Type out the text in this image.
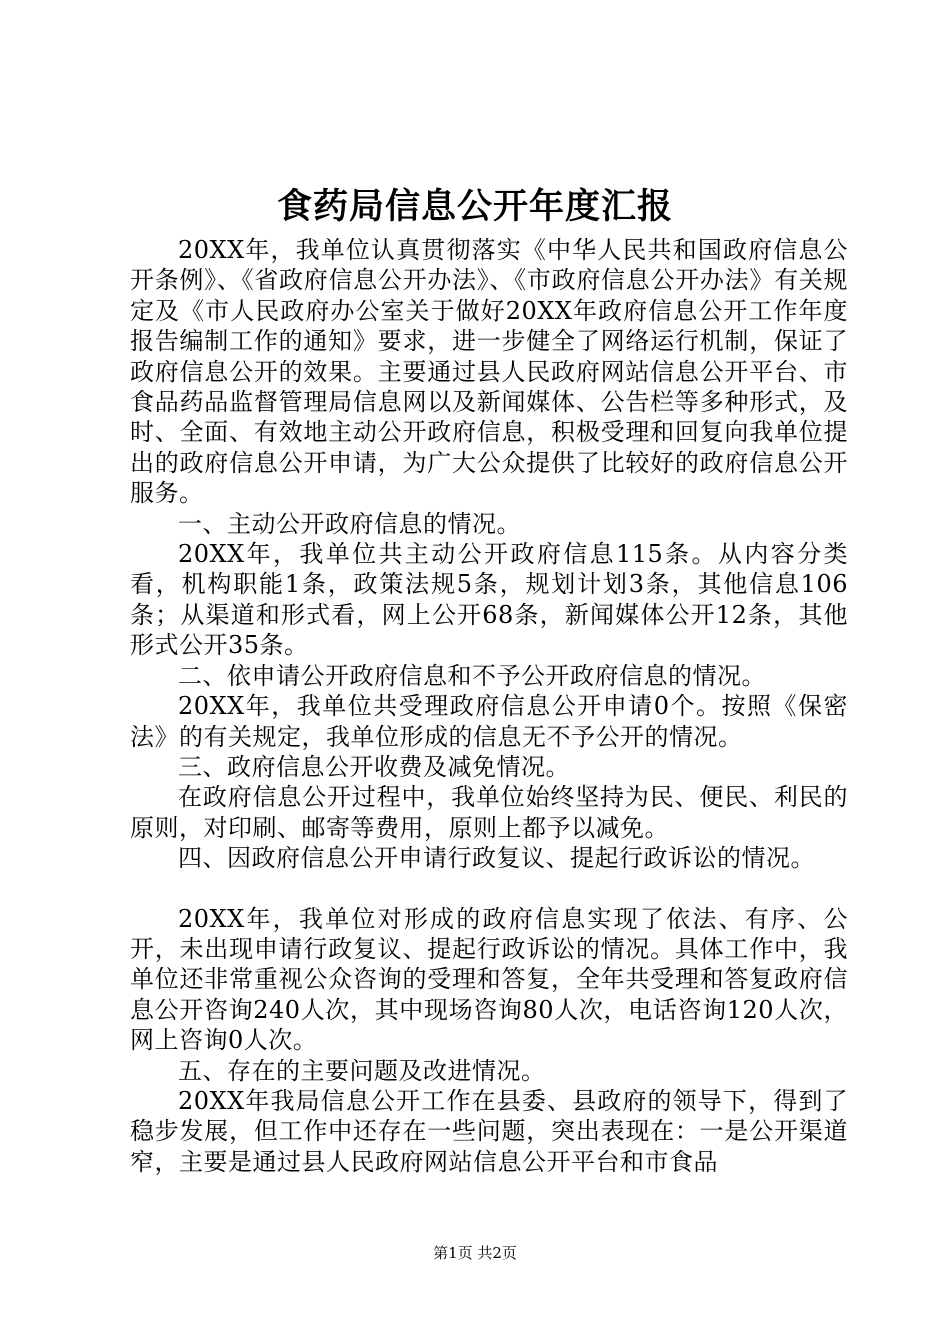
食药局信息公开年度汇报

20XX年，我单位认真贯彻落实《中华人民共和国政府信息公开条例》、《省政府信息公开办法》、《市政府信息公开办法》有关规定及《市人民政府办公室关于做好20XX年政府信息公开工作年度报告编制工作的通知》要求，进一步健全了网络运行机制，保证了政府信息公开的效果。主要通过县人民政府网站信息公开平台、市食品药品监督管理局信息网以及新闻媒体、公告栏等多种形式，及时、全面、有效地主动公开政府信息，积极受理和回复向我单位提出的政府信息公开申请，为广大公众提供了比较好的政府信息公开服务。

一、主动公开政府信息的情况。

20XX年，我单位共主动公开政府信息115条。从内容分类看，机构职能1条，政策法规5条，规划计划3条，其他信息106条；从渠道和形式看，网上公开68条，新闻媒体公开12条，其他形式公开35条。

二、依申请公开政府信息和不予公开政府信息的情况。

20XX年，我单位共受理政府信息公开申请0个。按照《保密法》的有关规定，我单位形成的信息无不予公开的情况。

三、政府信息公开收费及减免情况。

在政府信息公开过程中，我单位始终坚持为民、便民、利民的原则，对印刷、邮寄等费用，原则上都予以减免。

四、因政府信息公开申请行政复议、提起行政诉讼的情况。

20XX年，我单位对形成的政府信息实现了依法、有序、公开，未出现申请行政复议、提起行政诉讼的情况。具体工作中，我单位还非常重视公众咨询的受理和答复，全年共受理和答复政府信息公开咨询240人次，其中现场咨询80人次，电话咨询120人次，网上咨询0人次。

五、存在的主要问题及改进情况。

20XX年我局信息公开工作在县委、县政府的领导下，得到了稳步发展，但工作中还存在一些问题，突出表现在：一是公开渠道窄，主要是通过县人民政府网站信息公开平台和市食品

第1页 共2页
